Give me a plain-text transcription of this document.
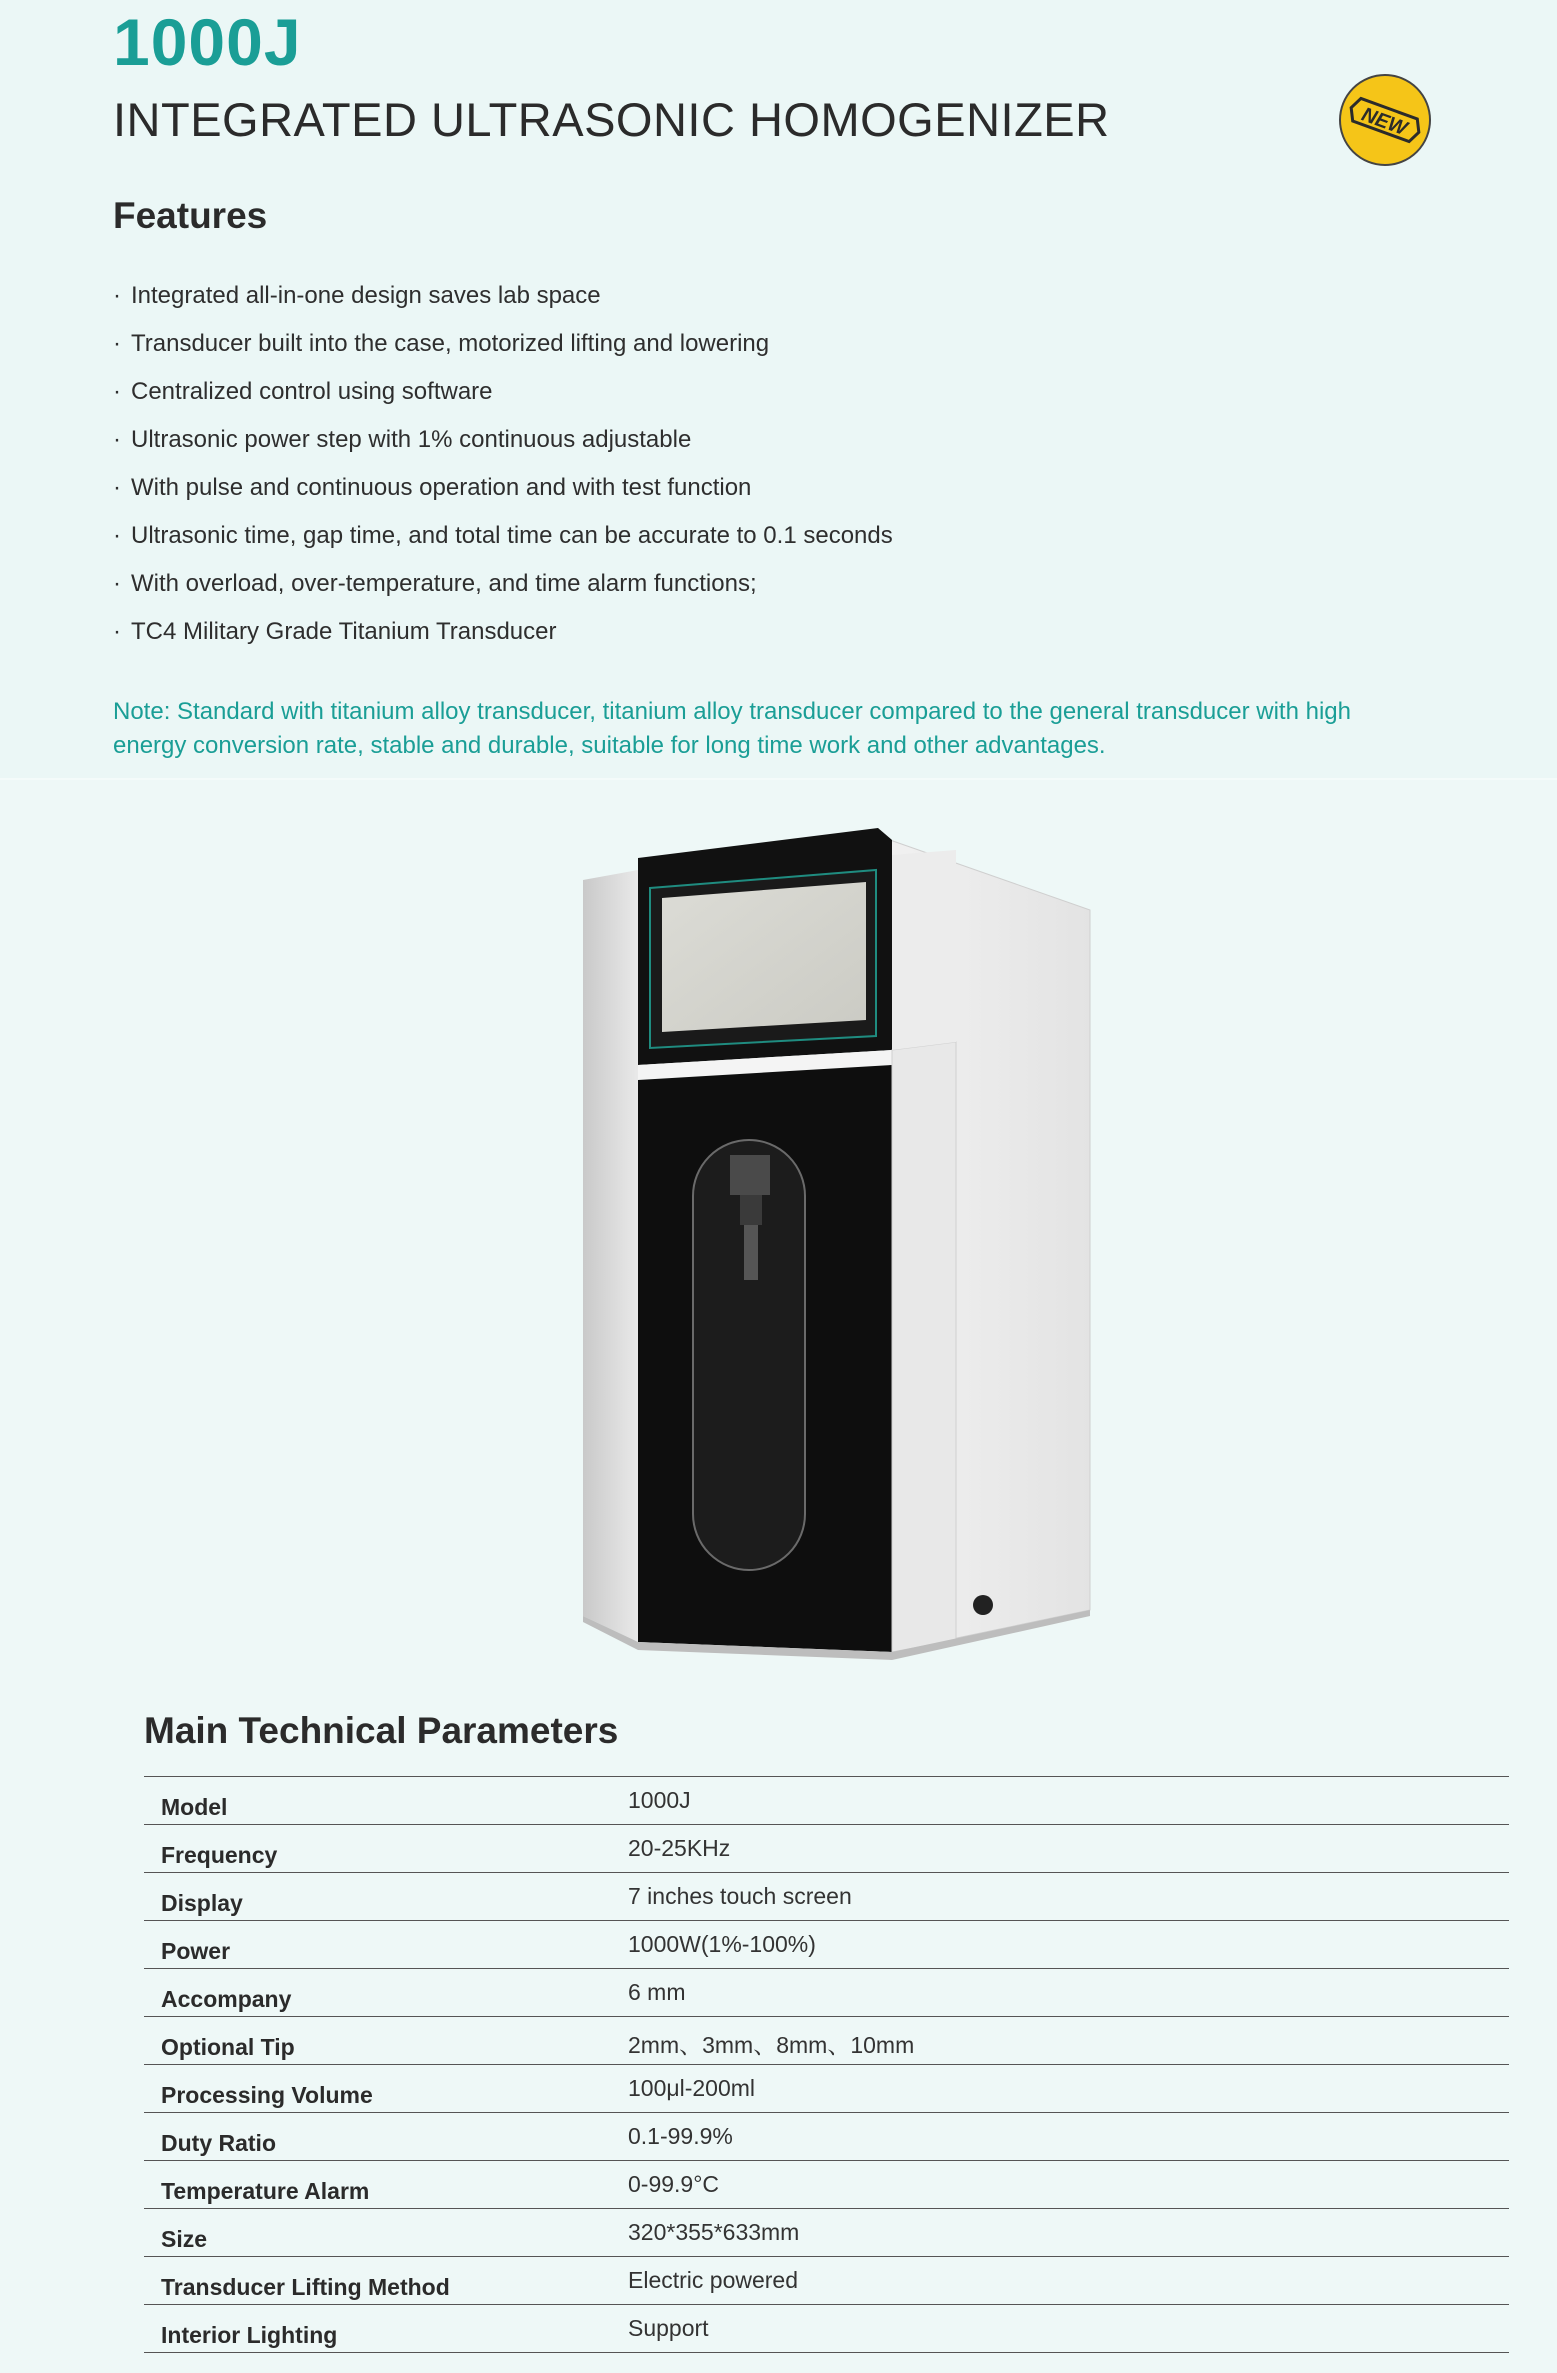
1000J
INTEGRATED ULTRASONIC HOMOGENIZER	NEW
Features
· Integrated all-in-one design saves lab space
· Transducer built into the case, motorized lifting and lowering
· Centralized control using software
· Ultrasonic power step with 1% continuous adjustable
· With pulse and continuous operation and with test function
· Ultrasonic time, gap time, and total time can be accurate to 0.1 seconds
· With overload, over-temperature, and time alarm functions;
· TC4 Military Grade Titanium Transducer
Note: Standard with titanium alloy transducer, titanium alloy transducer compared to the general transducer with high energy conversion rate, stable and durable, suitable for long time work and other advantages.
Main Technical Parameters
Model	1000J
Frequency	20-25KHz
Display	7 inches touch screen
Power	1000W(1%-100%)
Accompany	6 mm
Optional Tip	2mm、3mm、8mm、10mm
Processing Volume	100μl-200ml
Duty Ratio	0.1-99.9%
Temperature Alarm	0-99.9°C
Size	320*355*633mm
Transducer Lifting Method	Electric powered
Interior Lighting	Support
